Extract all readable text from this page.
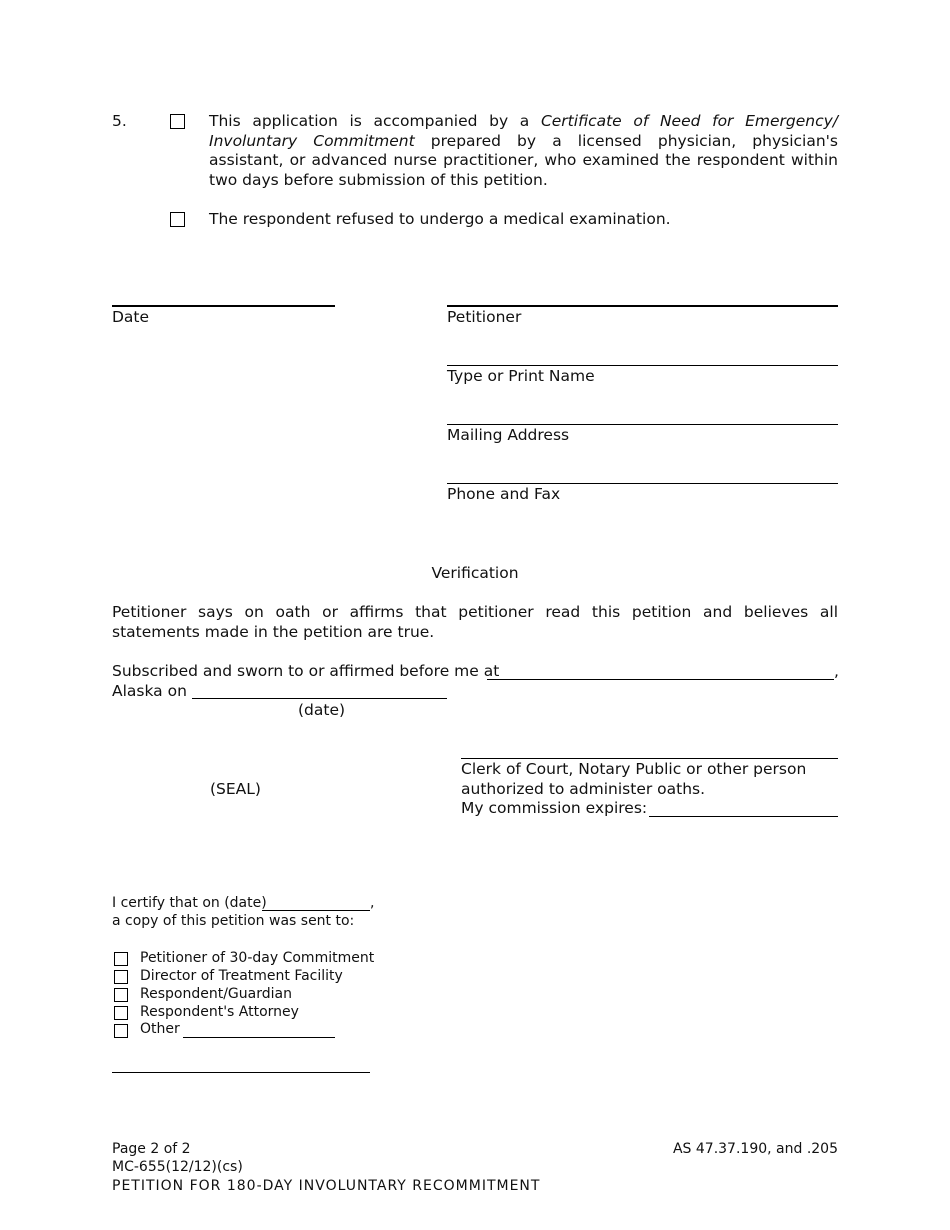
5.	This application is accompanied by a Certificate of Need for Emergency/ Involuntary Commitment prepared by a licensed physician, physician's assistant, or advanced nurse practitioner, who examined the respondent within two days before submission of this petition.
The respondent refused to undergo a medical examination.
Date	Petitioner
Type or Print Name
Mailing Address
Phone and Fax
Verification
Petitioner says on oath or affirms that petitioner read this petition and believes all statements made in the petition are true.
Subscribed and sworn to or affirmed before me at	,
Alaska on
(date)
(SEAL)
Clerk of Court, Notary Public or other person
authorized to administer oaths.
My commission expires:
I certify that on (date)	,
a copy of this petition was sent to:
Petitioner of 30-day Commitment
Director of Treatment Facility
Respondent/Guardian
Respondent's Attorney
Other
Page 2 of 2
MC-655(12/12)(cs)
PETITION FOR 180-DAY INVOLUNTARY RECOMMITMENT
AS 47.37.190, and .205
